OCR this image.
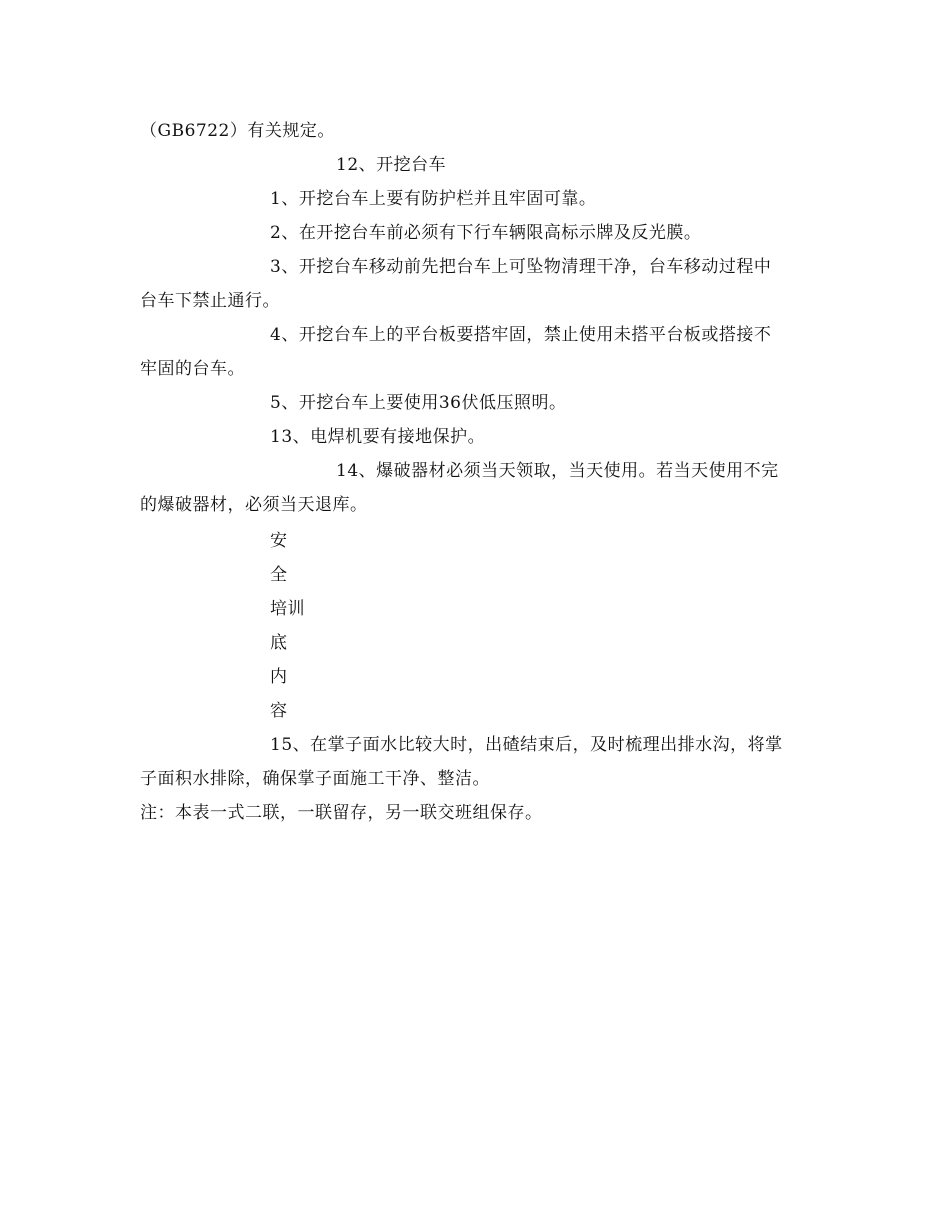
（GB6722）有关规定。
12、开挖台车
1、开挖台车上要有防护栏并且牢固可靠。
2、在开挖台车前必须有下行车辆限高标示牌及反光膜。
3、开挖台车移动前先把台车上可坠物清理干净，台车移动过程中
台车下禁止通行。
4、开挖台车上的平台板要搭牢固，禁止使用未搭平台板或搭接不
牢固的台车。
5、开挖台车上要使用36伏低压照明。
13、电焊机要有接地保护。
14、爆破器材必须当天领取，当天使用。若当天使用不完
的爆破器材，必须当天退库。
安
全
培训
底
内
容
15、在掌子面水比较大时，出碴结束后，及时梳理出排水沟，将掌
子面积水排除，确保掌子面施工干净、整洁。
注：本表一式二联，一联留存，另一联交班组保存。
